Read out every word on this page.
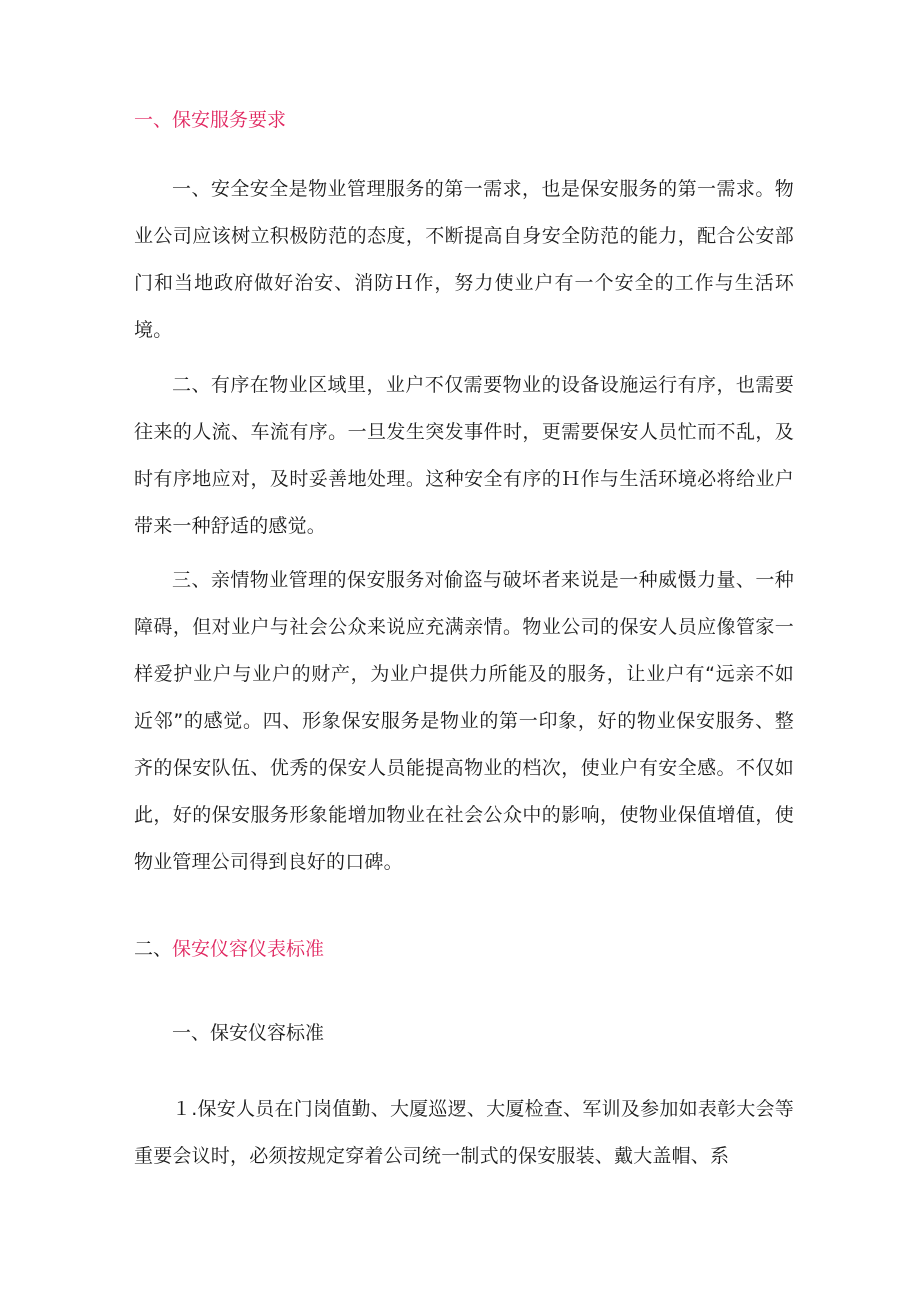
一、保安服务要求

一、安全安全是物业管理服务的第一需求，也是保安服务的第一需求。物业公司应该树立积极防范的态度，不断提高自身安全防范的能力，配合公安部门和当地政府做好治安、消防Ｈ作，努力使业户有一个安全的工作与生活环境。

二、有序在物业区域里，业户不仅需要物业的设备设施运行有序，也需要往来的人流、车流有序。一旦发生突发事件时，更需要保安人员忙而不乱，及时有序地应对，及时妥善地处理。这种安全有序的Ｈ作与生活环境必将给业户带来一种舒适的感觉。

三、亲情物业管理的保安服务对偷盗与破坏者来说是一种威慑力量、一种障碍，但对业户与社会公众来说应充满亲情。物业公司的保安人员应像管家一样爱护业户与业户的财产，为业户提供力所能及的服务，让业户有“远亲不如近邻”的感觉。四、形象保安服务是物业的第一印象，好的物业保安服务、整齐的保安队伍、优秀的保安人员能提高物业的档次，使业户有安全感。不仅如此，好的保安服务形象能增加物业在社会公众中的影响，使物业保值增值，使物业管理公司得到良好的口碑。

二、保安仪容仪表标准
一、保安仪容标准

１.保安人员在门岗值勤、大厦巡逻、大厦检查、军训及参加如表彰大会等重要会议时，必须按规定穿着公司统一制式的保安服装、戴大盖帽、系
